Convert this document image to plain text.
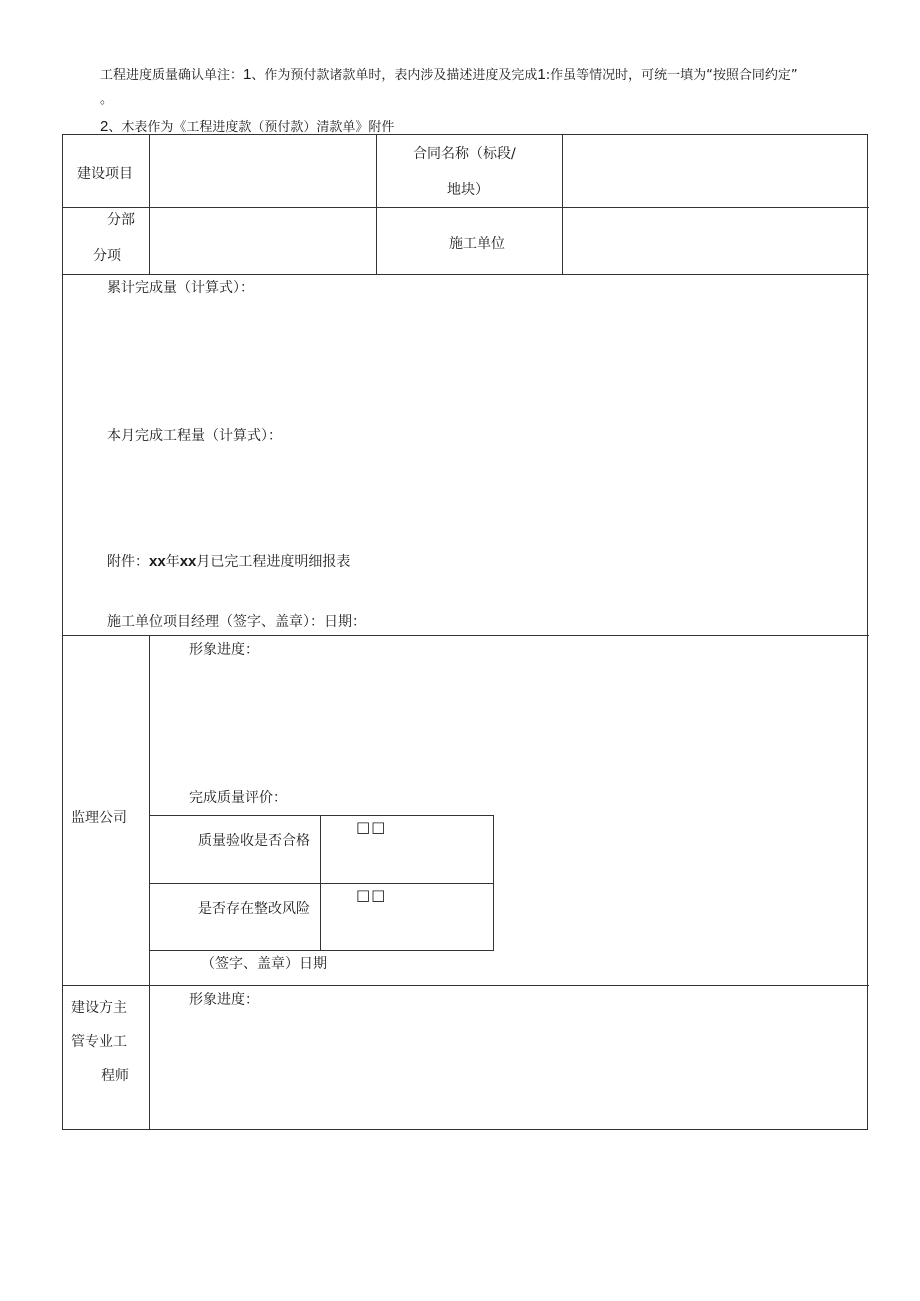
工程进度质量确认单注：1、作为预付款诸款单时，表内涉及描述进度及完成1:作虽等情况时，可统一填为“按照合同约定”
。
2、木表作为《工程进度款（预付款）清款单》附件
建设项目
合同名称（标段/
地块）
分部
分项
施工单位
累计完成量（计算式）：
本月完成工程量（计算式）：
附件：xx年xx月已完工程进度明细报表
施工单位项目经理（签字、盖章）：日期：
监理公司
形象进度：
完成质量评价：
质量验收是否合格
□□
是否存在整改风险
□□
（签字、盖章）日期
建设方主
管专业工
程师
形象进度：
